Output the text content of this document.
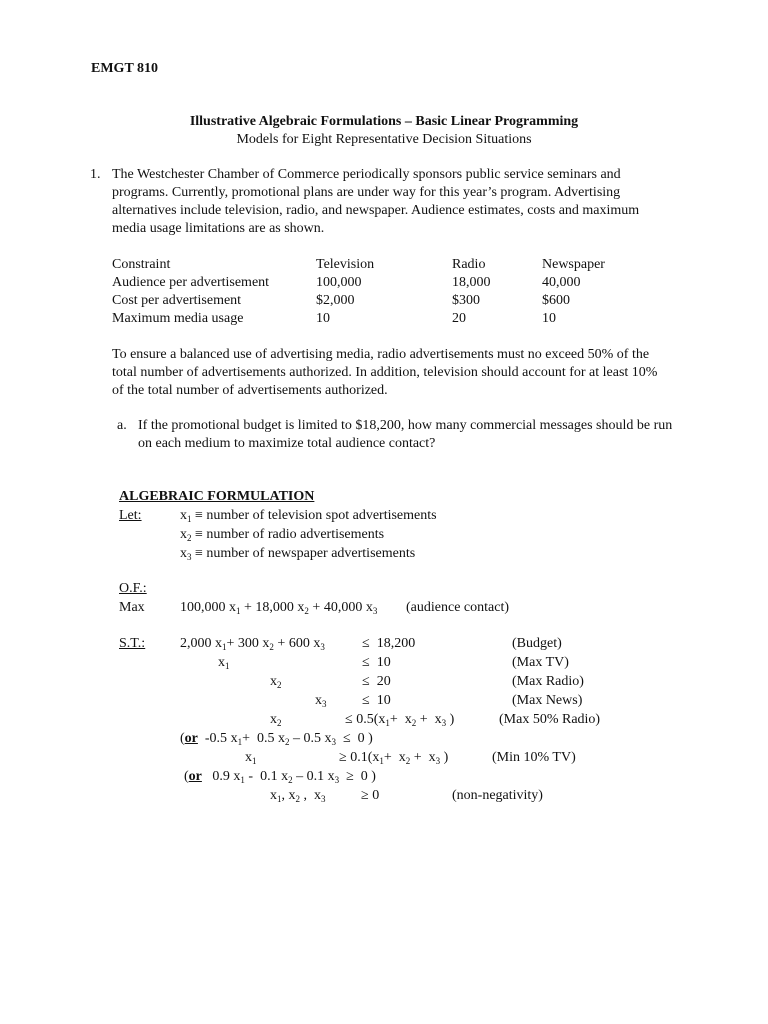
EMGT 810
Illustrative Algebraic Formulations – Basic Linear Programming
Models for Eight Representative Decision Situations
1. The Westchester Chamber of Commerce periodically sponsors public service seminars and
programs. Currently, promotional plans are under way for this year’s program. Advertising
alternatives include television, radio, and newspaper. Audience estimates, costs and maximum
media usage limitations are as shown.
Constraint	Television	Radio	Newspaper
Audience per advertisement	100,000	18,000	40,000
Cost per advertisement	$2,000	$300	$600
Maximum media usage	10	20	10
To ensure a balanced use of advertising media, radio advertisements must no exceed 50% of the
total number of advertisements authorized. In addition, television should account for at least 10%
of the total number of advertisements authorized.
a. If the promotional budget is limited to $18,200, how many commercial messages should be run
on each medium to maximize total audience contact?
ALGEBRAIC FORMULATION
Let:	$x_1$ ≡ number of television spot advertisements
$x_2$ ≡ number of radio advertisements
$x_3$ ≡ number of newspaper advertisements
O.F.:
Max	100,000 $x_1 + 18,000$ $x_2 + 40,000$ $x_3$ (audience contact)
S.T.: 2,000 $x_1+ 300$ $x_2 + 600$ $x_3$	≤  18,200	(Budget)
$x_1$	≤  10	(Max TV)
$x_2$	≤  20	(Max Radio)
$x_3$	≤  10	(Max News)
$x_2$	≤ $0.5(x_1+ x_2 + x_3$ )	(Max 50% Radio)
(or -0.5 $x_1+ 0.5$ $x_2 - 0.5$ $x_3 \le 0$ )
$x_1$	≥ $0.1(x_1+ x_2 + x_3$ )	(Min 10% TV)
(or 0.9 $x_1 - 0.1$ $x_2 - 0.1$ $x_3 \ge 0$ )
$x_1$, $x_2$ ,  $x_3$	≥ 0	(non-negativity)
